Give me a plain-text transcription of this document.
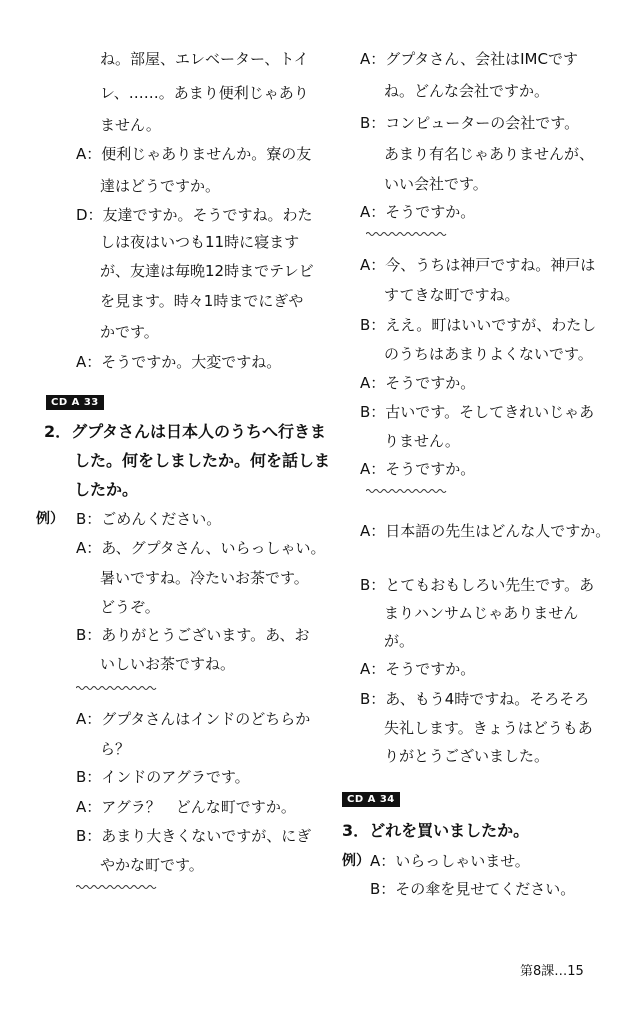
ね。部屋、エレベーター、トイ
レ、……。あまり便利じゃあり
ません。
A：便利じゃありませんか。寮の友
達はどうですか。
D：友達ですか。そうですね。わた
しは夜はいつも11時に寝ます
が、友達は毎晩12時までテレビ
を見ます。時々1時までにぎや
かです。
A：そうですか。大変ですね。
CD A 33
2．グプタさんは日本人のうちへ行きま
した。何をしましたか。何を話しま
したか。
例） B：ごめんください。
A：あ、グプタさん、いらっしゃい。
暑いですね。冷たいお茶です。
どうぞ。
B：ありがとうございます。あ、お
いしいお茶ですね。
A：グプタさんはインドのどちらか
ら？
B：インドのアグラです。
A：アグラ？　どんな町ですか。
B：あまり大きくないですが、にぎ
やかな町です。
A：グプタさん、会社はIMCです
ね。どんな会社ですか。
B：コンピューターの会社です。
あまり有名じゃありませんが、
いい会社です。
A：そうですか。
A：今、うちは神戸ですね。神戸は
すてきな町ですね。
B：ええ。町はいいですが、わたし
のうちはあまりよくないです。
A：そうですか。
B：古いです。そしてきれいじゃあ
りません。
A：そうですか。
A：日本語の先生はどんな人ですか。
B：とてもおもしろい先生です。あ
まりハンサムじゃありません
が。
A：そうですか。
B：あ、もう4時ですね。そろそろ
失礼します。きょうはどうもあ
りがとうございました。
CD A 34
3．どれを買いましたか。
例） A：いらっしゃいませ。
B：その傘を見せてください。
第8課…15
